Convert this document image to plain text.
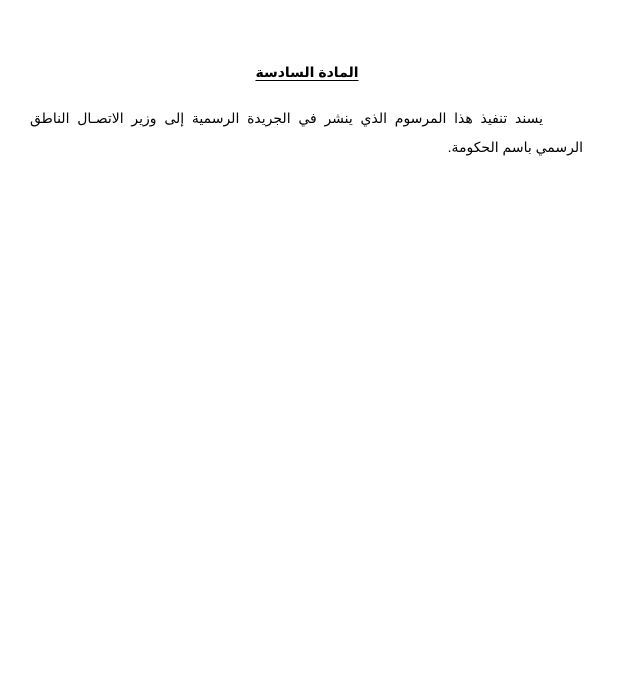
المادة السادسة

يسند تنفيذ هذا المرسوم الذي ينشر في الجريدة الرسمية إلى وزير الاتصـال الناطق الرسمي باسم الحكومة.
